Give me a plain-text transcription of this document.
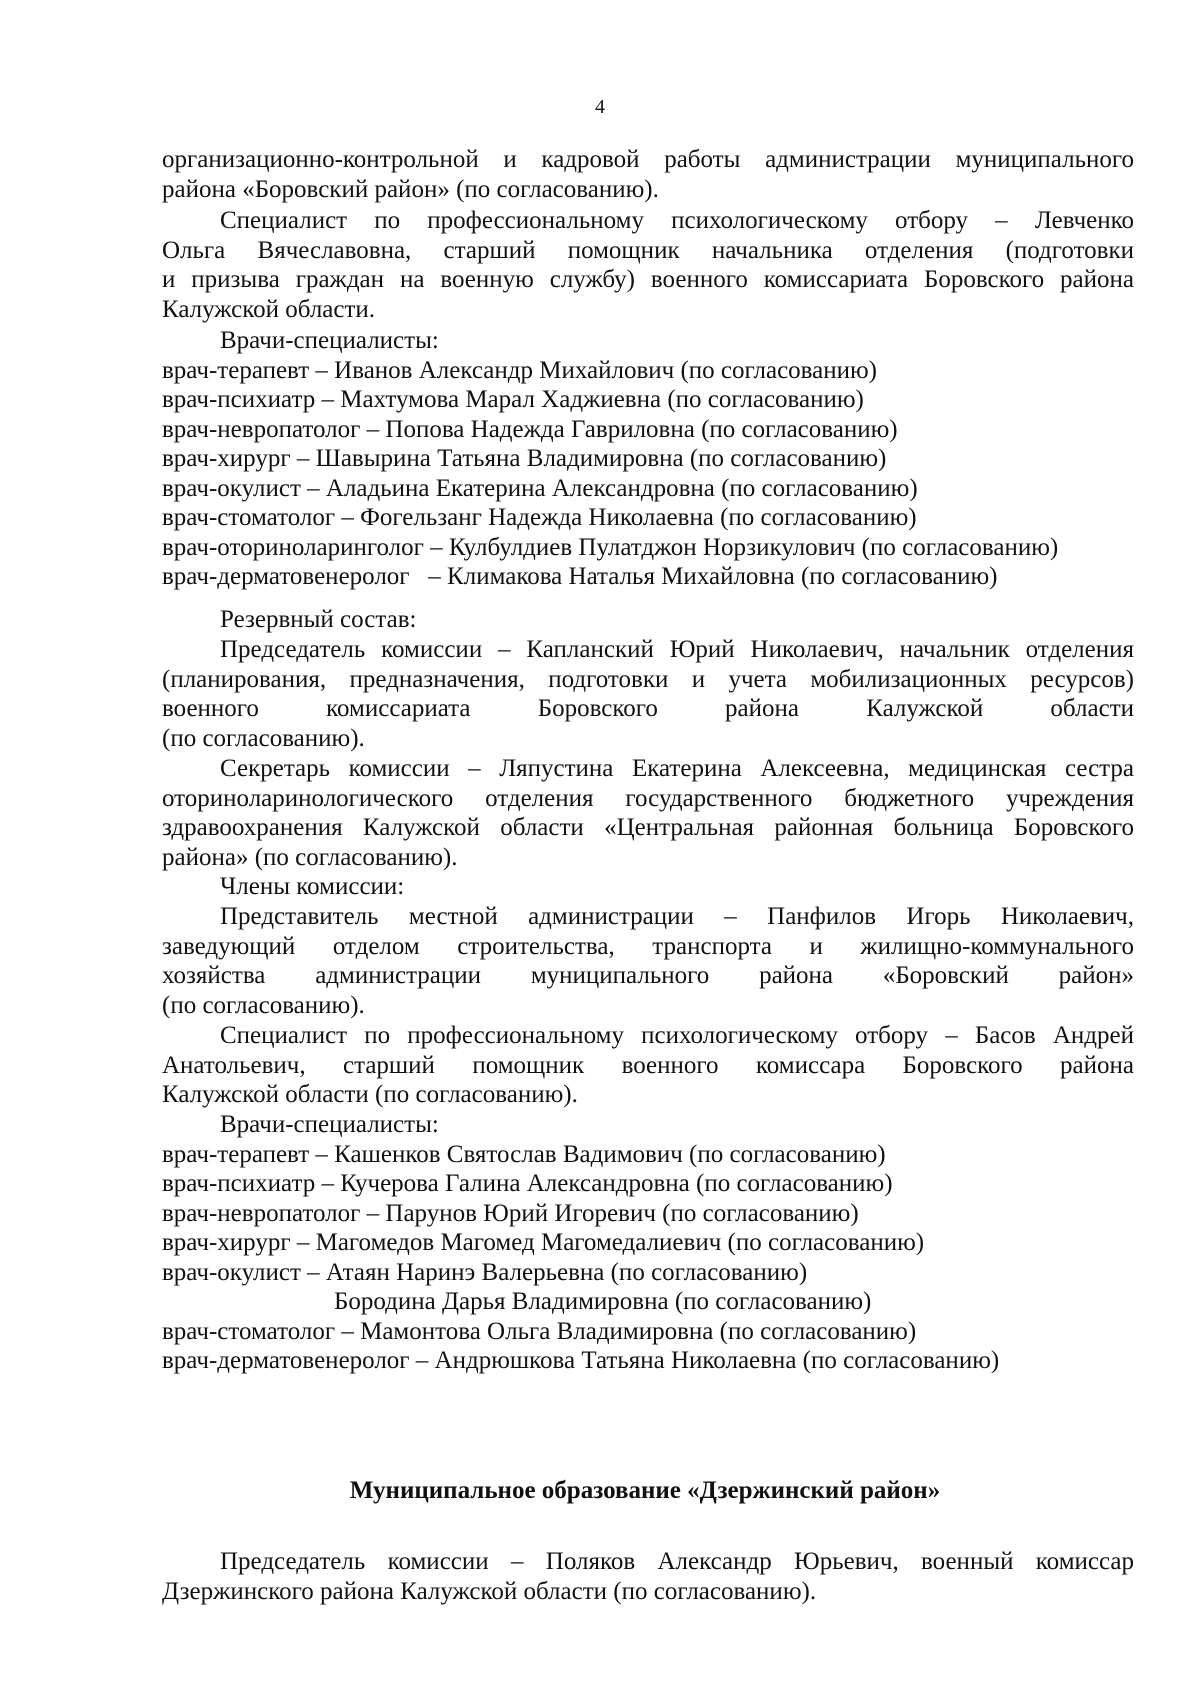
4
организационно-контрольной и кадровой работы администрации муниципального
района «Боровский район» (по согласованию).
Специалист по профессиональному психологическому отбору – Левченко
Ольга Вячеславовна, старший помощник начальника отделения (подготовки
и призыва граждан на военную службу) военного комиссариата Боровского района
Калужской области.
Врачи-специалисты:
врач-терапевт – Иванов Александр Михайлович (по согласованию)
врач-психиатр – Махтумова Марал Хаджиевна (по согласованию)
врач-невропатолог – Попова Надежда Гавриловна (по согласованию)
врач-хирург – Шавырина Татьяна Владимировна (по согласованию)
врач-окулист – Аладьина Екатерина Александровна (по согласованию)
врач-стоматолог – Фогельзанг Надежда Николаевна (по согласованию)
врач-оториноларинголог – Кулбулдиев Пулатджон Норзикулович (по согласованию)
врач-дерматовенеролог   – Климакова Наталья Михайловна (по согласованию)
Резервный состав:
Председатель комиссии – Капланский Юрий Николаевич, начальник отделения
(планирования, предназначения, подготовки и учета мобилизационных ресурсов)
военного комиссариата Боровского района Калужской области
(по согласованию).
Секретарь комиссии – Ляпустина Екатерина Алексеевна, медицинская сестра
оториноларинологического отделения государственного бюджетного учреждения
здравоохранения Калужской области «Центральная районная больница Боровского
района» (по согласованию).
Члены комиссии:
Представитель местной администрации – Панфилов Игорь Николаевич,
заведующий отделом строительства, транспорта и жилищно-коммунального
хозяйства администрации муниципального района «Боровский район»
(по согласованию).
Специалист по профессиональному психологическому отбору – Басов Андрей
Анатольевич, старший помощник военного комиссара Боровского района
Калужской области (по согласованию).
Врачи-специалисты:
врач-терапевт – Кашенков Святослав Вадимович (по согласованию)
врач-психиатр – Кучерова Галина Александровна (по согласованию)
врач-невропатолог – Парунов Юрий Игоревич (по согласованию)
врач-хирург – Магомедов Магомед Магомедалиевич (по согласованию)
врач-окулист – Атаян Наринэ Валерьевна (по согласованию)
Бородина Дарья Владимировна (по согласованию)
врач-стоматолог – Мамонтова Ольга Владимировна (по согласованию)
врач-дерматовенеролог – Андрюшкова Татьяна Николаевна (по согласованию)
Муниципальное образование «Дзержинский район»
Председатель комиссии – Поляков Александр Юрьевич, военный комиссар
Дзержинского района Калужской области (по согласованию).
